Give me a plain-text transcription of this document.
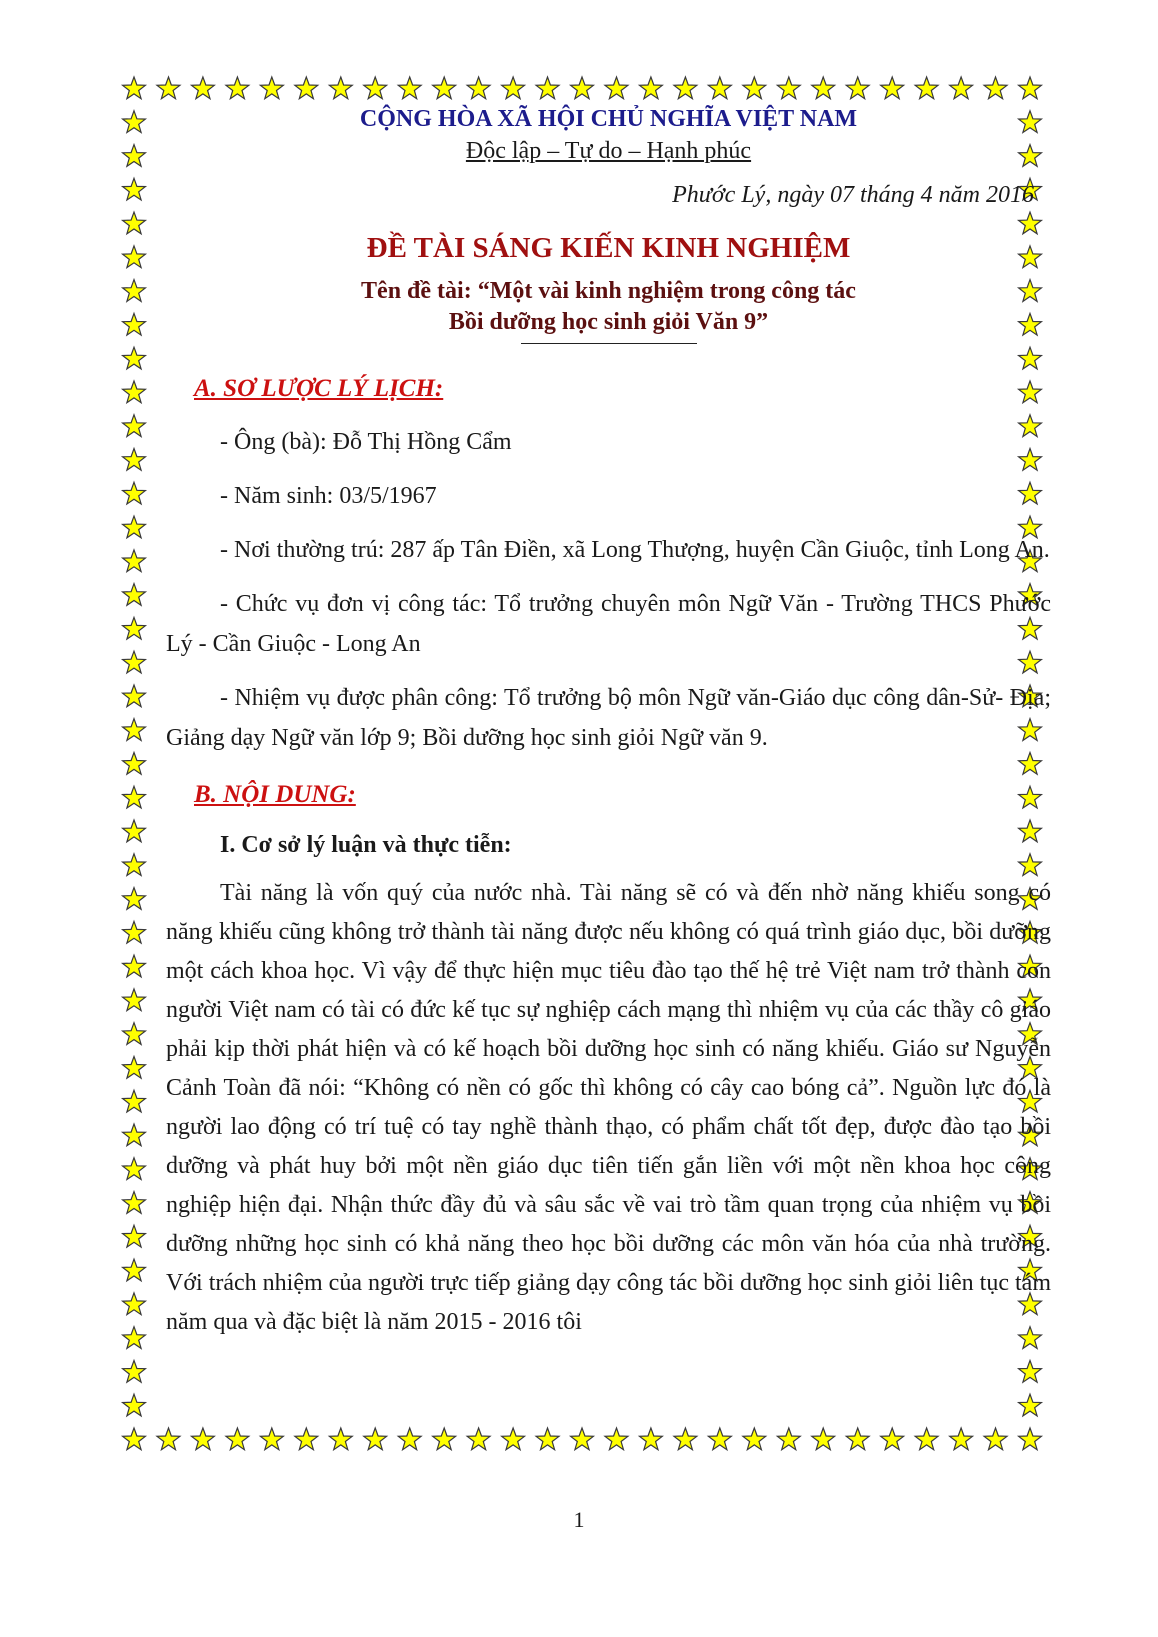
CỘNG HÒA XÃ HỘI CHỦ NGHĨA VIỆT NAM

Độc lập – Tự do – Hạnh phúc

Phước Lý, ngày 07 tháng 4 năm 2016

ĐỀ TÀI SÁNG KIẾN KINH NGHIỆM

Tên đề tài: “Một vài kinh nghiệm trong công tác
Bồi dưỡng học sinh giỏi Văn 9”

A. SƠ LƯỢC LÝ LỊCH:

- Ông (bà): Đỗ Thị Hồng Cẩm

- Năm sinh: 03/5/1967

- Nơi thường trú: 287 ấp Tân Điền, xã Long Thượng, huyện Cần Giuộc, tỉnh Long An.

- Chức vụ đơn vị công tác: Tổ trưởng chuyên môn Ngữ Văn - Trường THCS Phước Lý - Cần Giuộc - Long An

- Nhiệm vụ được phân công: Tổ trưởng bộ môn Ngữ văn-Giáo dục công dân-Sử- Địa; Giảng dạy Ngữ văn lớp 9; Bồi dưỡng học sinh giỏi Ngữ văn 9.

B. NỘI DUNG:

I. Cơ sở lý luận và thực tiễn:

Tài năng là vốn quý của nước nhà. Tài năng sẽ có và đến nhờ năng khiếu song có năng khiếu cũng không trở thành tài năng được nếu không có quá trình giáo dục, bồi dưỡng một cách khoa học. Vì vậy để thực hiện mục tiêu đào tạo thế hệ trẻ Việt nam trở thành con người Việt nam có tài có đức kế tục sự nghiệp cách mạng thì nhiệm vụ của các thầy cô giáo phải kịp thời phát hiện và có kế hoạch bồi dưỡng học sinh có năng khiếu. Giáo sư Nguyễn Cảnh Toàn đã nói: “Không có nền có gốc thì không có cây cao bóng cả”. Nguồn lực đó là người lao động có trí tuệ có tay nghề thành thạo, có phẩm chất tốt đẹp, được đào tạo bồi dưỡng và phát huy bởi một nền giáo dục tiên tiến gắn liền với một nền khoa học công nghiệp hiện đại. Nhận thức đầy đủ và sâu sắc về vai trò tầm quan trọng của nhiệm vụ bồi dưỡng những học sinh có khả năng theo học bồi dưỡng các môn văn hóa của nhà trường. Với trách nhiệm của người trực tiếp giảng dạy công tác bồi dưỡng học sinh giỏi liên tục tám năm qua và đặc biệt là năm 2015 - 2016 tôi

1
